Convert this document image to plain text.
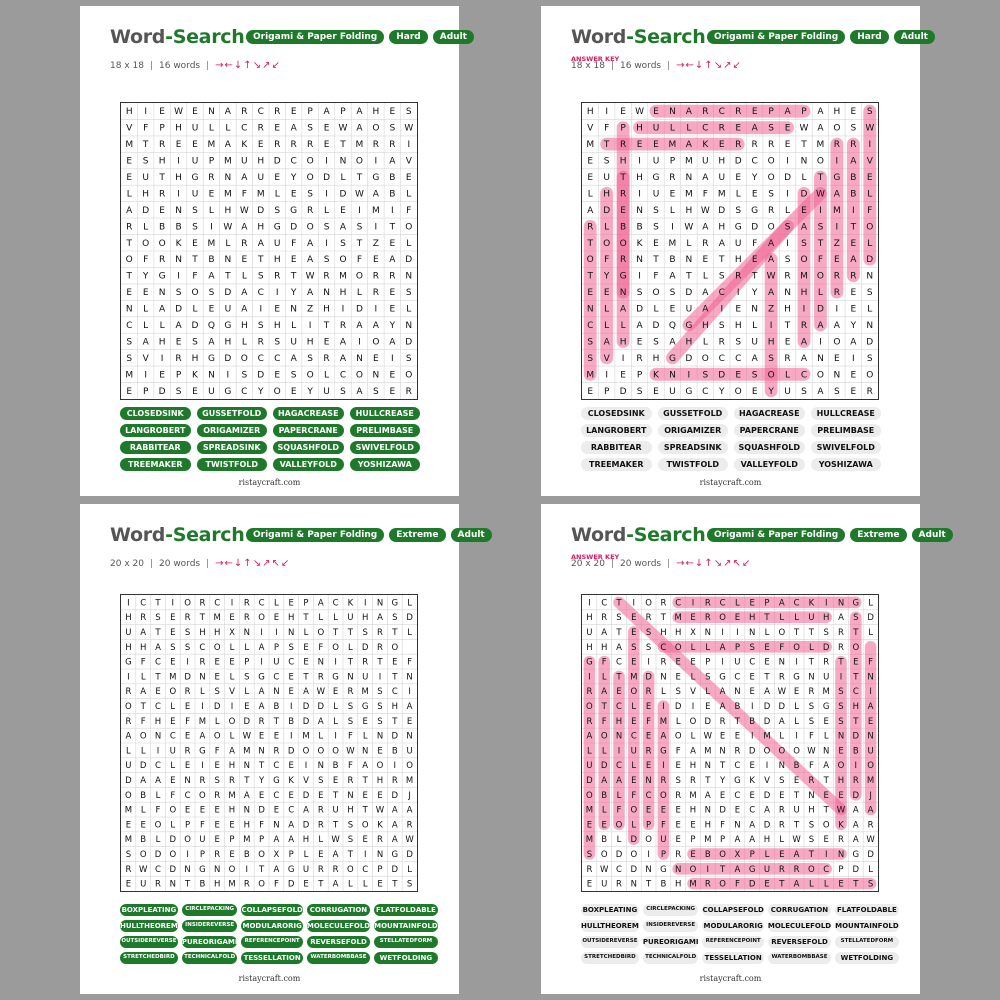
Word-Search Origami & Paper Folding	Hard	Adult
18 x 18 | 16 words | →←↓↑↘↗↙
H I E W E N A R C R E P A P A H E S
V F P H U L L C R E A S E W A O S W
M T R E E M A K E R R R E T M R R I
E S H I U P M U H D C O I N O I A V
E U T H G R N A U E Y O D L T G B E
L H R I U E M F M L E S I D W A B L
A D E N S L H W D S G R L E I M I F
R L B B S I W A H G D O S A S I T O
T O O K E M L R A U F A I S T Z E L
O F R N T B N E T H E A S O F E A D
T Y G I F A T L S R T W R M O R R N
E E N S O S D A C I Y A N H L R E S
N L A D L E U A I E N Z H I D I E L
C L L A D Q G H S H L I T R A A Y N
S A H E S A H L R S U H E A I O A D
S V I R H G D O C C A S R A N E I S
M I E P K N I S D E S O L C O N E O
E P D S E U G C Y O E Y U S A S E R
CLOSEDSINK	GUSSETFOLD	HAGACREASE	HULLCREASE
LANGROBERT	ORIGAMIZER	PAPERCRANE	PRELIMBASE
RABBITEAR	SPREADSINK	SQUASHFOLD	SWIVELFOLD
TREEMAKER	TWISTFOLD	VALLEYFOLD	YOSHIZAWA
ristaycraft.com
Word-Search Origami & Paper Folding	Hard	Adult
ANSWER KEY
18 x 18 | 16 words | →←↓↑↘↗↙
H I E W E N A R C R E P A P A H E S
V F P H U L L C R E A S E W A O S W
M T R E E M A K E R R R E T M R R I
E S H I U P M U H D C O I N O I A V
E U T H G R N A U E Y O D L T G B E
L H R I U E M F M L E S I D W A B L
A D E N S L H W D S G R L E I M I F
R L B B S I W A H G D O S A S I T O
T O O K E M L R A U F A I S T Z E L
O F R N T B N E T H E A S O F E A D
T Y G I F A T L S R T W R M O R R N
E E N S O S D A C I Y A N H L R E S
N L A D L E U A I E N Z H I D I E L
C L L A D Q G H S H L I T R A A Y N
S A H E S A H L R S U H E A I O A D
S V I R H G D O C C A S R A N E I S
M I E P K N I S D E S O L C O N E O
E P D S E U G C Y O E Y U S A S E R
CLOSEDSINK	GUSSETFOLD	HAGACREASE	HULLCREASE
LANGROBERT	ORIGAMIZER	PAPERCRANE	PRELIMBASE
RABBITEAR	SPREADSINK	SQUASHFOLD	SWIVELFOLD
TREEMAKER	TWISTFOLD	VALLEYFOLD	YOSHIZAWA
ristaycraft.com
Word-Search Origami & Paper Folding	Extreme	Adult
20 x 20 | 20 words | →←↓↑↘↗↖↙
I C T I O R C I R C L E P A C K I N G L
H R S E R T M E R O E H T L L U H A S D
U A T E S H H X N I I N L O T T S R T L
H H A S S C O L L A P S E F O L D R O
G F C E I R E E P I U C E N I T R T E F
I L T M D N E L S G C E T R G N U I T N
R A E O R L S V L A N E A W E R M S C I
O T C L E I D I E A B I D D L S G S H A
R F H E F M L O D R T B D A L S E S T E
A O N C E A O L W E E I M L I F L N D N
L L I U R G F A M N R D O O O W N E B U
U D C L E I E H N T C E I N B F A O I O
D A A E N R S R T Y G K V S E R T H R M
O B L F C O R M A E C E D E T N E E D J
M L F O E E E H N D E C A R U H T W A A
E E O L P F E E H F N A D R T S O K A R
M B L D O U E P M P A A H L W S E R A W
S O D O I P R E B O X P L E A T I N G D
R W C D N G N O I T A G U R R O C P D L
E U R N T B H M R O F D E T A L L E T S
BOXPLEATING	CIRCLEPACKING	COLLAPSEFOLD CORRUGATION	FLATFOLDABLE
HULLTHEOREM	INSIDEREVERSE	MODULARORIG MOLECULEFOLD MOUNTAINFOLD
OUTSIDEREVERSE PUREORIGAMI	REFERENCEPOINT	REVERSEFOLD	STELLATEDFORM
STRETCHEDBIRD	TECHNICALFOLD	TESSELLATION	WATERBOMBBASE	WETFOLDING
ristaycraft.com
Word-Search Origami & Paper Folding	Extreme	Adult
ANSWER KEY
20 x 20 | 20 words | →←↓↑↘↗↖↙
I C T I O R C I R C L E P A C K I N G L
H R S E R T M E R O E H T L L U H A S D
U A T E S H H X N I I N L O T T S R T L
H H A S S C O L L A P S E F O L D R O
G F C E I R E E P I U C E N I T R T E F
I L T M D N E L S G C E T R G N U I T N
R A E O R L S V L A N E A W E R M S C I
O T C L E I D I E A B I D D L S G S H A
R F H E F M L O D R T B D A L S E S T E
A O N C E A O L W E E I M L I F L N D N
L L I U R G F A M N R D O O O W N E B U
U D C L E I E H N T C E I N B F A O I O
D A A E N R S R T Y G K V S E R T H R M
O B L F C O R M A E C E D E T N E E D J
M L F O E E E H N D E C A R U H T W A A
E E O L P F E E H F N A D R T S O K A R
M B L D O U E P M P A A H L W S E R A W
S O D O I P R E B O X P L E A T I N G D
R W C D N G N O I T A G U R R O C P D L
E U R N T B H M R O F D E T A L L E T S
BOXPLEATING	CIRCLEPACKING	COLLAPSEFOLD CORRUGATION	FLATFOLDABLE
HULLTHEOREM	INSIDEREVERSE	MODULARORIG MOLECULEFOLD MOUNTAINFOLD
OUTSIDEREVERSE PUREORIGAMI	REFERENCEPOINT	REVERSEFOLD	STELLATEDFORM
STRETCHEDBIRD	TECHNICALFOLD	TESSELLATION	WATERBOMBBASE	WETFOLDING
ristaycraft.com
